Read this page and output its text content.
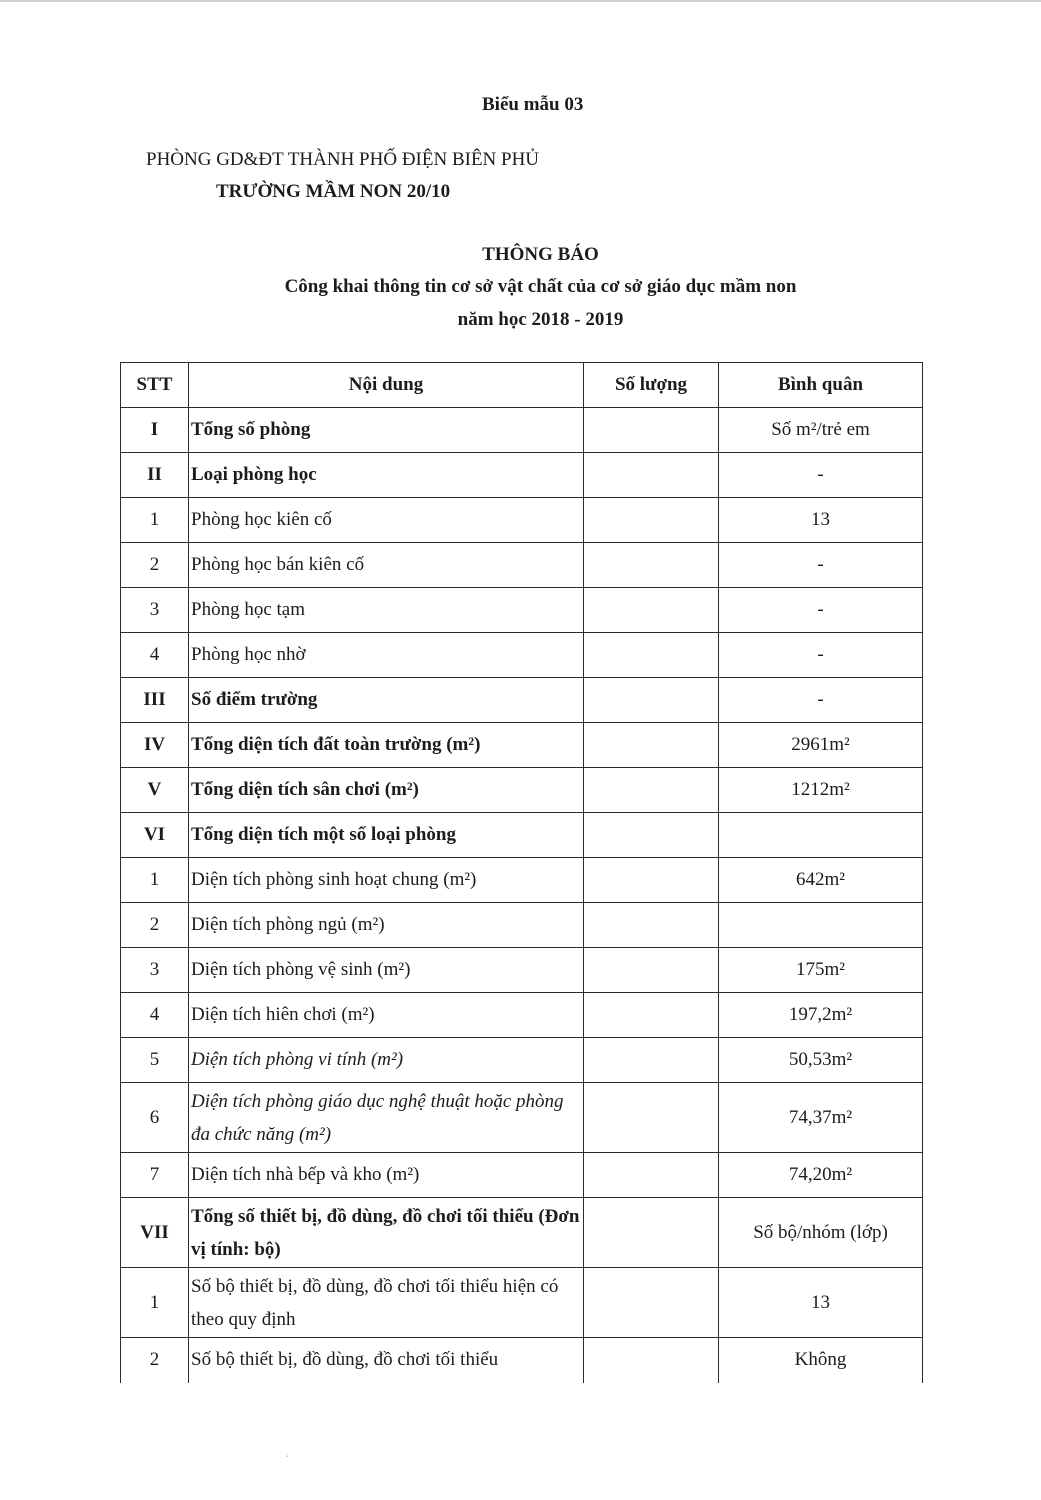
Biểu mẫu 03
PHÒNG GD&ĐT THÀNH PHỐ ĐIỆN BIÊN PHỦ
TRƯỜNG MẦM NON 20/10
THÔNG BÁO
Công khai thông tin cơ sở vật chất của cơ sở giáo dục mầm non
năm học 2018 - 2019
STT	Nội dung	Số lượng	Bình quân
I	Tổng số phòng		Số m²/trẻ em
II	Loại phòng học		-
1	Phòng học kiên cố		13
2	Phòng học bán kiên cố		-
3	Phòng học tạm		-
4	Phòng học nhờ		-
III	Số điểm trường		-
IV	Tổng diện tích đất toàn trường (m²)		2961m²
V	Tổng diện tích sân chơi (m²)		1212m²
VI	Tổng diện tích một số loại phòng		
1	Diện tích phòng sinh hoạt chung (m²)		642m²
2	Diện tích phòng ngủ (m²)		
3	Diện tích phòng vệ sinh (m²)		175m²
4	Diện tích hiên chơi (m²)		197,2m²
5	Diện tích phòng vi tính (m²)		50,53m²
6	Diện tích phòng giáo dục nghệ thuật hoặc phòng đa chức năng (m²)		74,37m²
7	Diện tích nhà bếp và kho (m²)		74,20m²
VII	Tổng số thiết bị, đồ dùng, đồ chơi tối thiểu (Đơn vị tính: bộ)		Số bộ/nhóm (lớp)
1	Số bộ thiết bị, đồ dùng, đồ chơi tối thiểu hiện có theo quy định		13
2	Số bộ thiết bị, đồ dùng, đồ chơi tối thiểu		Không
·
